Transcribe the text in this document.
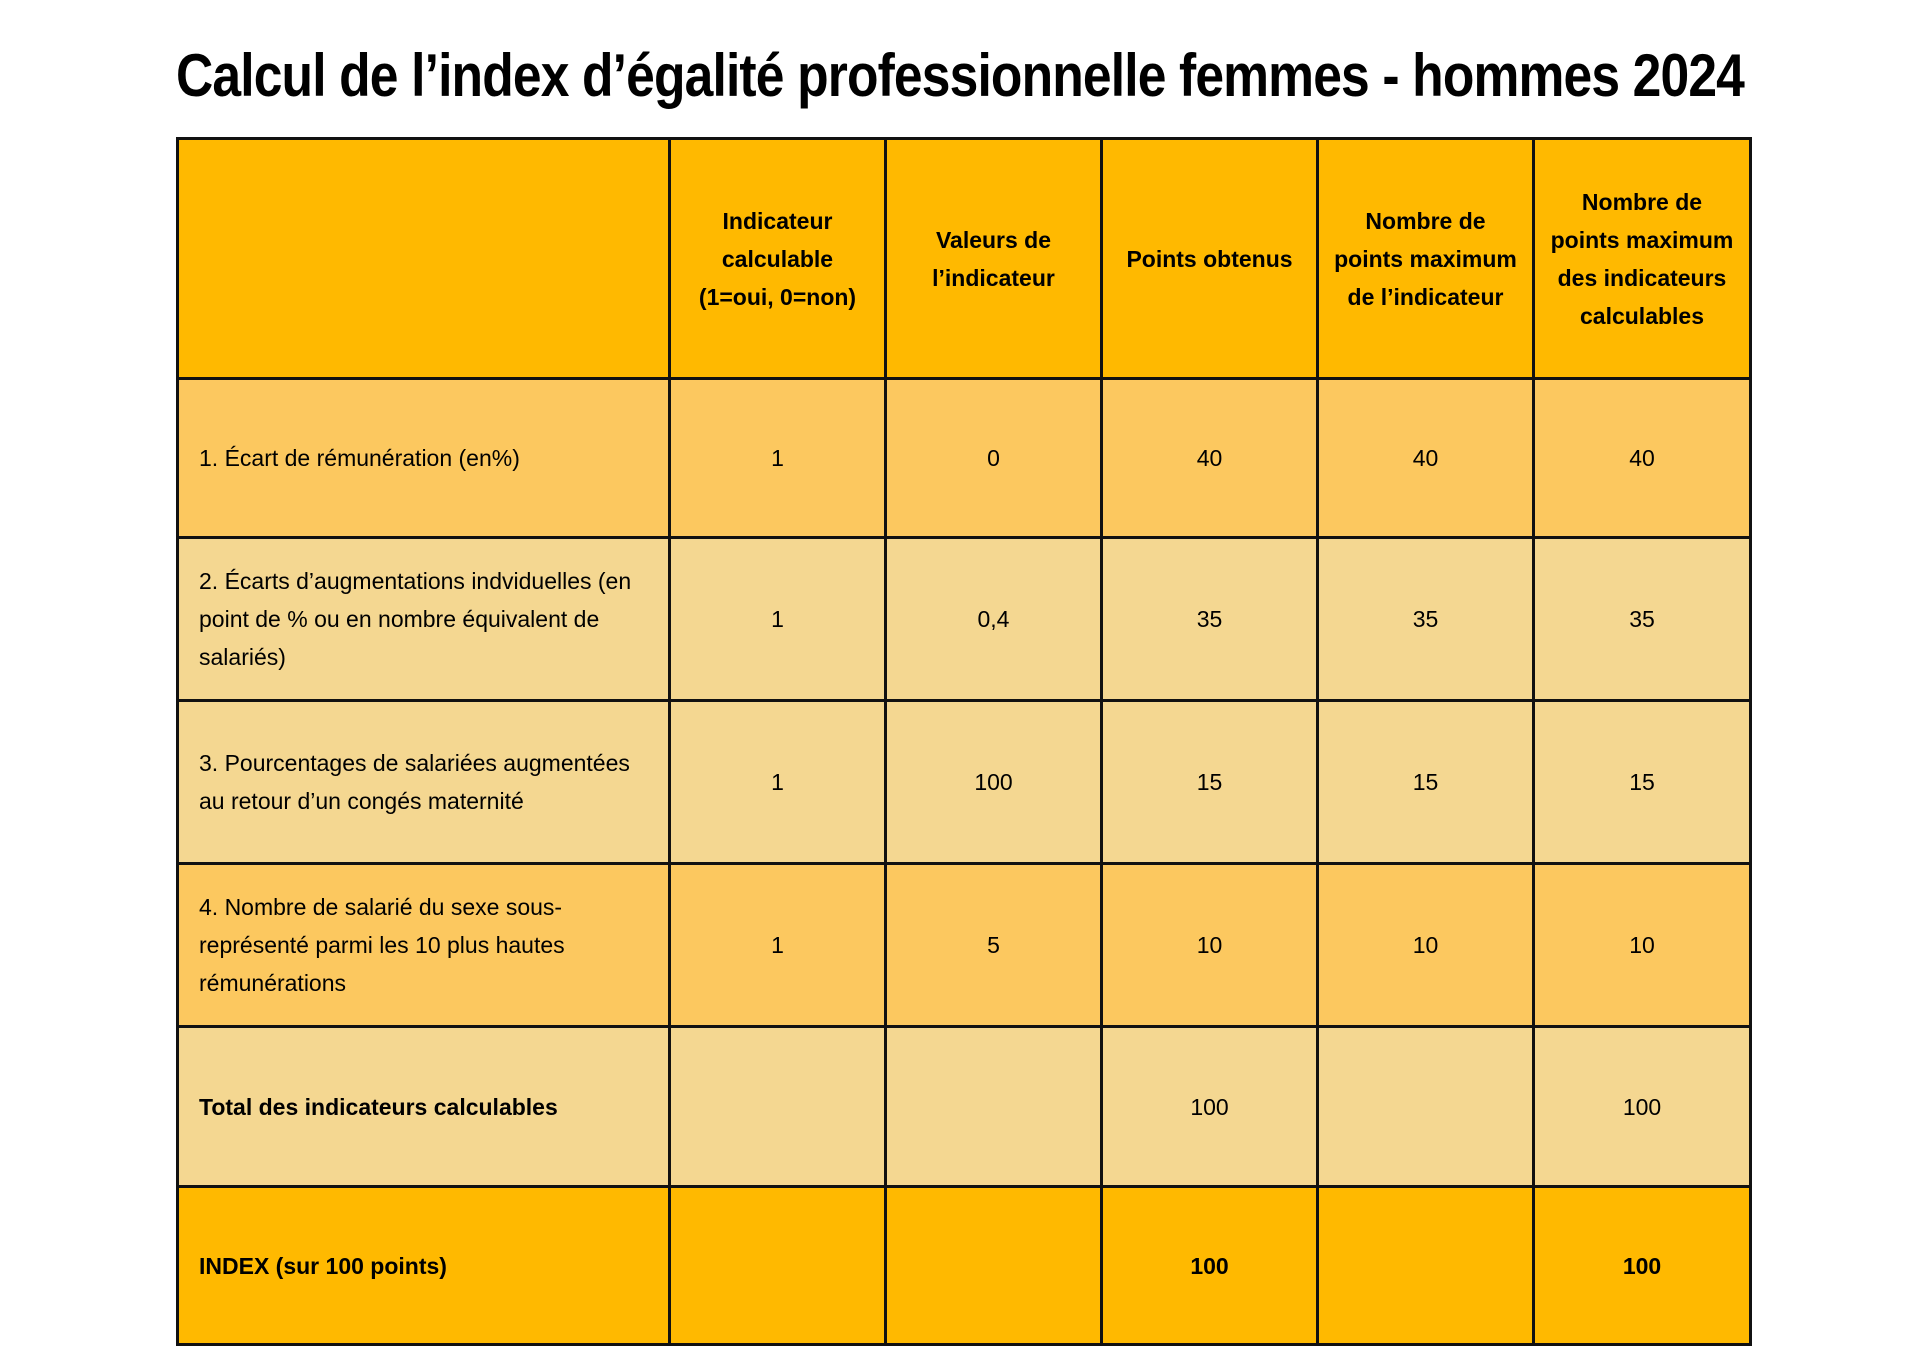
Calcul de l’index d’égalité professionnelle femmes - hommes 2024
	Indicateur calculable (1=oui, 0=non)	Valeurs de l’indicateur	Points obtenus	Nombre de points maximum de l’indicateur	Nombre de points maximum des indicateurs calculables
1. Écart de rémunération (en%)	1	0	40	40	40
2. Écarts d’augmentations indviduelles (en point de % ou en nombre équivalent de salariés)	1	0,4	35	35	35
3. Pourcentages de salariées augmentées au retour d’un congés maternité	1	100	15	15	15
4. Nombre de salarié du sexe sous-représenté parmi les 10 plus hautes rémunérations	1	5	10	10	10
Total des indicateurs calculables			100		100
INDEX (sur 100 points)			100		100
